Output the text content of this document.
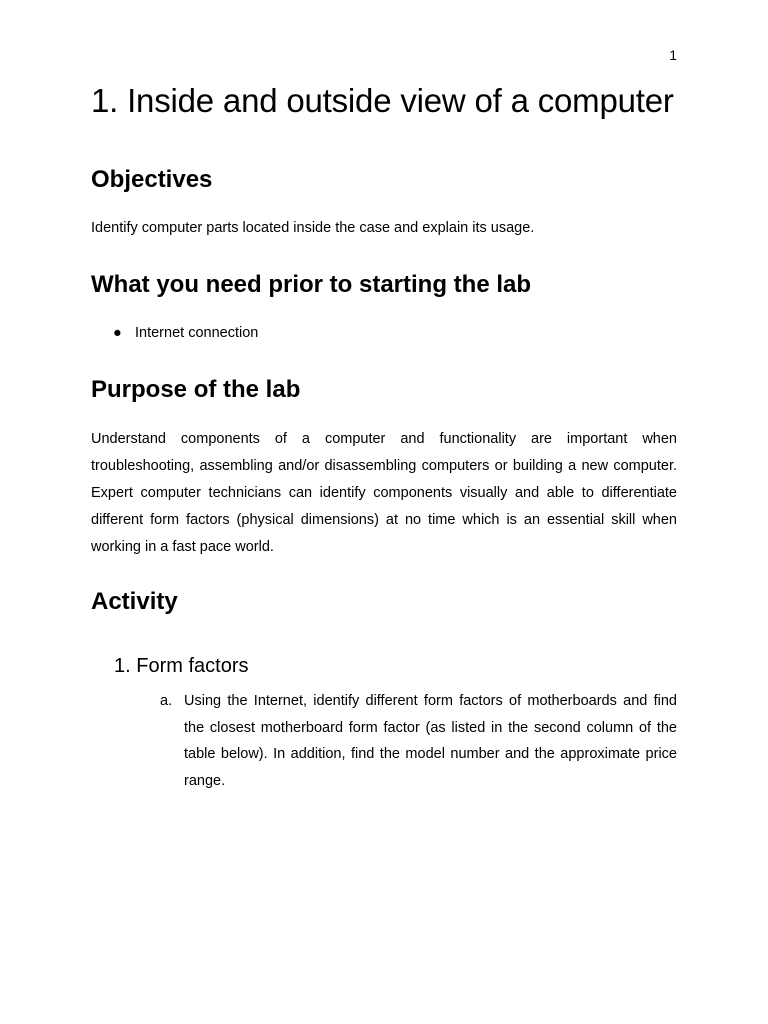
1
1. Inside and outside view of a computer
Objectives

Identify computer parts located inside the case and explain its usage.

What you need prior to starting the lab
● Internet connection
Purpose of the lab

Understand components of a computer and functionality are important when troubleshooting, assembling and/or disassembling computers or building a new computer. Expert computer technicians can identify components visually and able to differentiate different form factors (physical dimensions) at no time which is an essential skill when working in a fast pace world.

Activity
1. Form factors
a. Using the Internet, identify different form factors of motherboards and find the closest motherboard form factor (as listed in the second column of the table below). In addition, find the model number and the approximate price range.
